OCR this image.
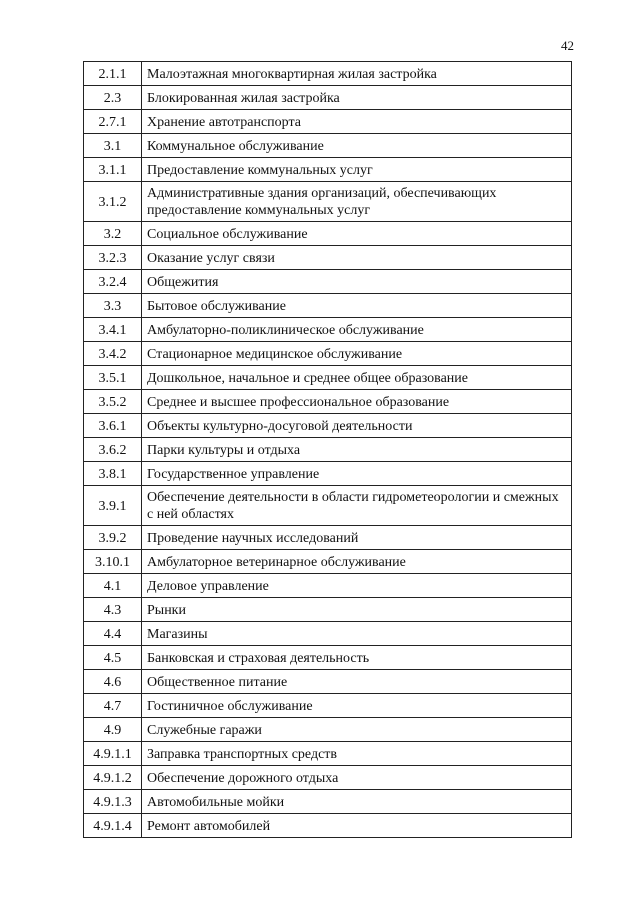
42
2.1.1	Малоэтажная многоквартирная жилая застройка
2.3	Блокированная жилая застройка
2.7.1	Хранение автотранспорта
3.1	Коммунальное обслуживание
3.1.1	Предоставление коммунальных услуг
3.1.2	Административные здания организаций, обеспечивающих предоставление коммунальных услуг
3.2	Социальное обслуживание
3.2.3	Оказание услуг связи
3.2.4	Общежития
3.3	Бытовое обслуживание
3.4.1	Амбулаторно-поликлиническое обслуживание
3.4.2	Стационарное медицинское обслуживание
3.5.1	Дошкольное, начальное и среднее общее образование
3.5.2	Среднее и высшее профессиональное образование
3.6.1	Объекты культурно-досуговой деятельности
3.6.2	Парки культуры и отдыха
3.8.1	Государственное управление
3.9.1	Обеспечение деятельности в области гидрометеорологии и смежных с ней областях
3.9.2	Проведение научных исследований
3.10.1	Амбулаторное ветеринарное обслуживание
4.1	Деловое управление
4.3	Рынки
4.4	Магазины
4.5	Банковская и страховая деятельность
4.6	Общественное питание
4.7	Гостиничное обслуживание
4.9	Служебные гаражи
4.9.1.1	Заправка транспортных средств
4.9.1.2	Обеспечение дорожного отдыха
4.9.1.3	Автомобильные мойки
4.9.1.4	Ремонт автомобилей
